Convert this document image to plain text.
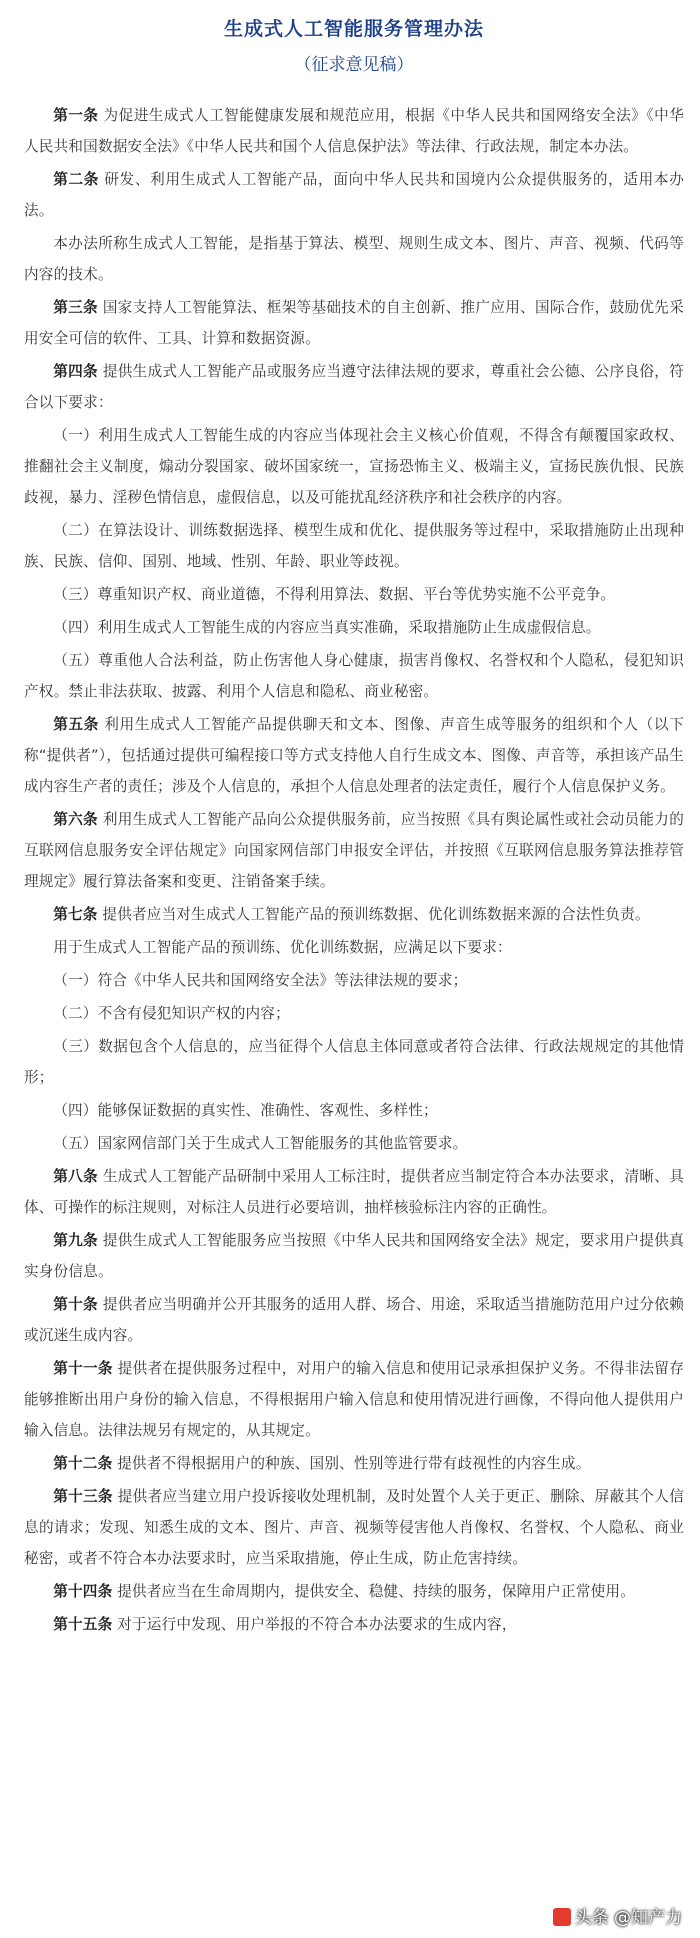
生成式人工智能服务管理办法
（征求意见稿）

第一条 为促进生成式人工智能健康发展和规范应用，根据《中华人民共和国网络安全法》《中华人民共和国数据安全法》《中华人民共和国个人信息保护法》等法律、行政法规，制定本办法。

第二条 研发、利用生成式人工智能产品，面向中华人民共和国境内公众提供服务的，适用本办法。

本办法所称生成式人工智能，是指基于算法、模型、规则生成文本、图片、声音、视频、代码等内容的技术。

第三条 国家支持人工智能算法、框架等基础技术的自主创新、推广应用、国际合作，鼓励优先采用安全可信的软件、工具、计算和数据资源。

第四条 提供生成式人工智能产品或服务应当遵守法律法规的要求，尊重社会公德、公序良俗，符合以下要求：

（一）利用生成式人工智能生成的内容应当体现社会主义核心价值观，不得含有颠覆国家政权、推翻社会主义制度，煽动分裂国家、破坏国家统一，宣扬恐怖主义、极端主义，宣扬民族仇恨、民族歧视，暴力、淫秽色情信息，虚假信息，以及可能扰乱经济秩序和社会秩序的内容。

（二）在算法设计、训练数据选择、模型生成和优化、提供服务等过程中，采取措施防止出现种族、民族、信仰、国别、地域、性别、年龄、职业等歧视。

（三）尊重知识产权、商业道德，不得利用算法、数据、平台等优势实施不公平竞争。

（四）利用生成式人工智能生成的内容应当真实准确，采取措施防止生成虚假信息。

（五）尊重他人合法利益，防止伤害他人身心健康，损害肖像权、名誉权和个人隐私，侵犯知识产权。禁止非法获取、披露、利用个人信息和隐私、商业秘密。

第五条 利用生成式人工智能产品提供聊天和文本、图像、声音生成等服务的组织和个人（以下称“提供者”），包括通过提供可编程接口等方式支持他人自行生成文本、图像、声音等，承担该产品生成内容生产者的责任；涉及个人信息的，承担个人信息处理者的法定责任，履行个人信息保护义务。

第六条 利用生成式人工智能产品向公众提供服务前，应当按照《具有舆论属性或社会动员能力的互联网信息服务安全评估规定》向国家网信部门申报安全评估，并按照《互联网信息服务算法推荐管理规定》履行算法备案和变更、注销备案手续。

第七条 提供者应当对生成式人工智能产品的预训练数据、优化训练数据来源的合法性负责。

用于生成式人工智能产品的预训练、优化训练数据，应满足以下要求：

（一）符合《中华人民共和国网络安全法》等法律法规的要求；

（二）不含有侵犯知识产权的内容；

（三）数据包含个人信息的，应当征得个人信息主体同意或者符合法律、行政法规规定的其他情形；

（四）能够保证数据的真实性、准确性、客观性、多样性；

（五）国家网信部门关于生成式人工智能服务的其他监管要求。

第八条 生成式人工智能产品研制中采用人工标注时，提供者应当制定符合本办法要求，清晰、具体、可操作的标注规则，对标注人员进行必要培训，抽样核验标注内容的正确性。

第九条 提供生成式人工智能服务应当按照《中华人民共和国网络安全法》规定，要求用户提供真实身份信息。

第十条 提供者应当明确并公开其服务的适用人群、场合、用途，采取适当措施防范用户过分依赖或沉迷生成内容。

第十一条 提供者在提供服务过程中，对用户的输入信息和使用记录承担保护义务。不得非法留存能够推断出用户身份的输入信息，不得根据用户输入信息和使用情况进行画像，不得向他人提供用户输入信息。法律法规另有规定的，从其规定。

第十二条 提供者不得根据用户的种族、国别、性别等进行带有歧视性的内容生成。

第十三条 提供者应当建立用户投诉接收处理机制，及时处置个人关于更正、删除、屏蔽其个人信息的请求；发现、知悉生成的文本、图片、声音、视频等侵害他人肖像权、名誉权、个人隐私、商业秘密，或者不符合本办法要求时，应当采取措施，停止生成，防止危害持续。

第十四条 提供者应当在生命周期内，提供安全、稳健、持续的服务，保障用户正常使用。

第十五条 对于运行中发现、用户举报的不符合本办法要求的生成内容，

头条 @知产力
